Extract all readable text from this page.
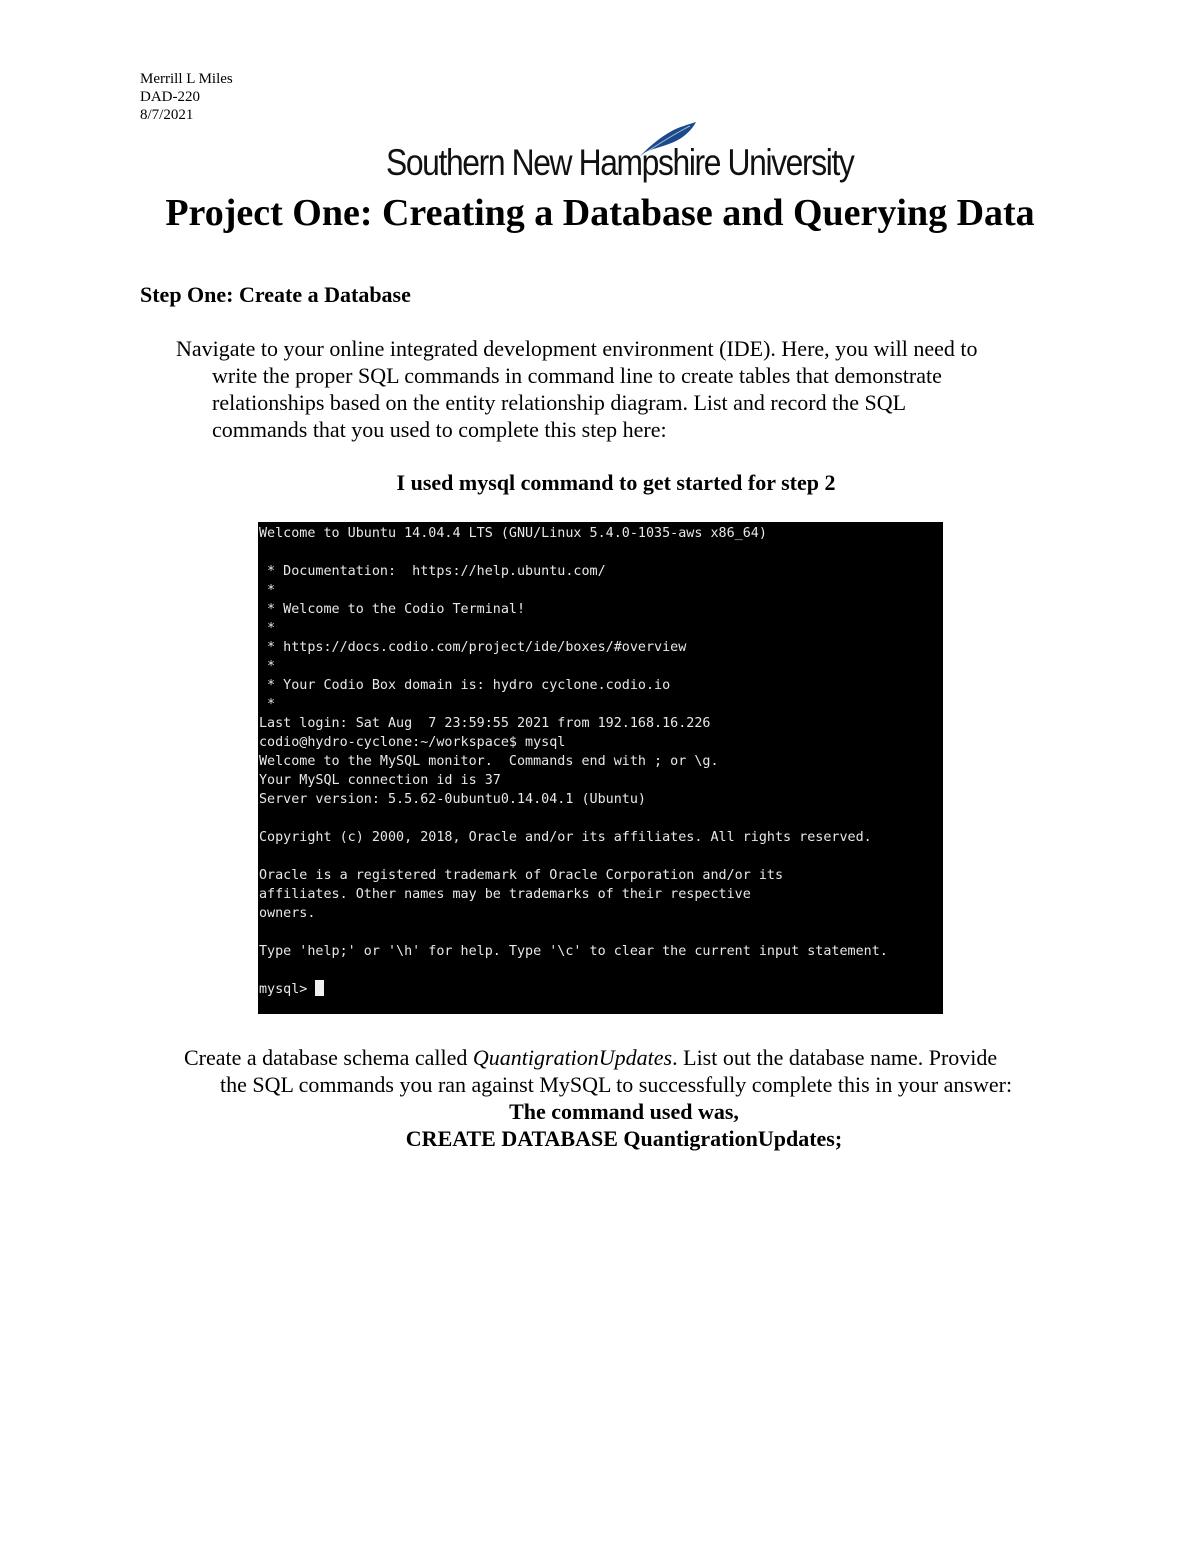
Merrill L Miles
DAD-220
8/7/2021
Southern New Hampshire University
Project One: Creating a Database and Querying Data
Step One: Create a Database

Navigate to your online integrated development environment (IDE). Here, you will need to

write the proper SQL commands in command line to create tables that demonstrate

relationships based on the entity relationship diagram. List and record the SQL

commands that you used to complete this step here:

I used mysql command to get started for step 2
Welcome to Ubuntu 14.04.4 LTS (GNU/Linux 5.4.0-1035-aws x86_64)
* Documentation:  https://help.ubuntu.com/
*
* Welcome to the Codio Terminal!
*
* https://docs.codio.com/project/ide/boxes/#overview
*
* Your Codio Box domain is: hydro cyclone.codio.io
*
Last login: Sat Aug  7 23:59:55 2021 from 192.168.16.226
codio@hydro-cyclone:~/workspace$ mysql
Welcome to the MySQL monitor.  Commands end with ; or \g.
Your MySQL connection id is 37
Server version: 5.5.62-0ubuntu0.14.04.1 (Ubuntu)
Copyright (c) 2000, 2018, Oracle and/or its affiliates. All rights reserved.
Oracle is a registered trademark of Oracle Corporation and/or its
affiliates. Other names may be trademarks of their respective
owners.
Type 'help;' or '\h' for help. Type '\c' to clear the current input statement.
mysql>

Create a database schema called QuantigrationUpdates. List out the database name. Provide

the SQL commands you ran against MySQL to successfully complete this in your answer:

The command used was,

CREATE DATABASE QuantigrationUpdates;
